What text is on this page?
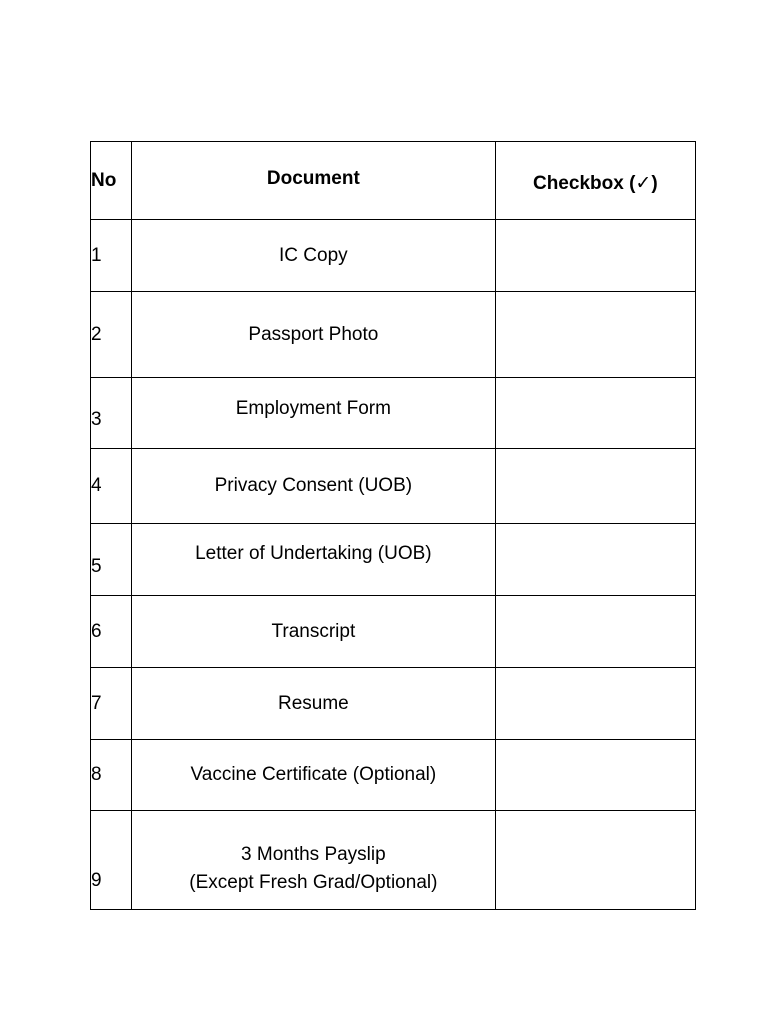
No	Document	Checkbox (✓)
1	IC Copy	
2	Passport Photo	
3	Employment Form	

4	Privacy Consent (UOB)	
5	Letter of Undertaking (UOB)	

6	Transcript	
7	Resume	
8	Vaccine Certificate (Optional)	
9	3 Months Payslip
(Except Fresh Grad/Optional)	
